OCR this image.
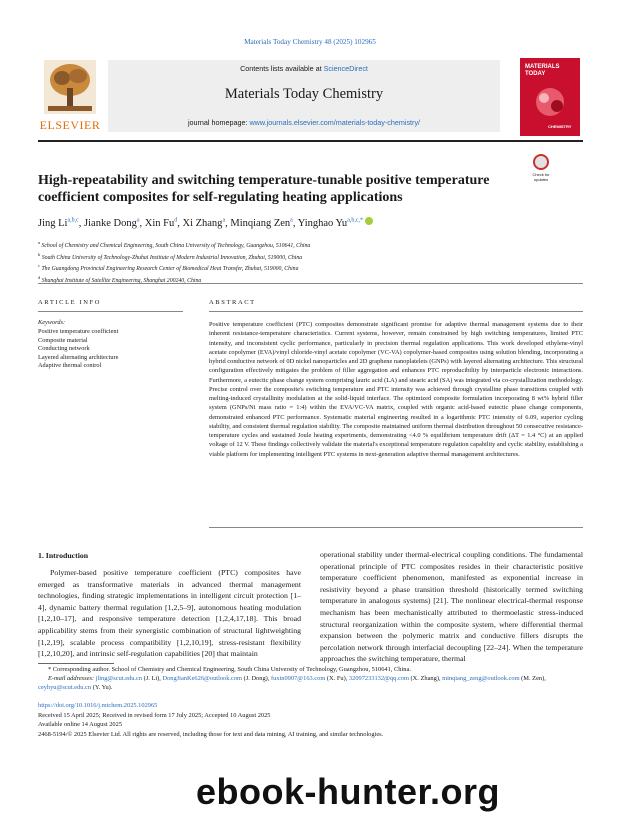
Materials Today Chemistry 48 (2025) 102965
ELSEVIER
Contents lists available at ScienceDirect
Materials Today Chemistry
journal homepage: www.journals.elsevier.com/materials-today-chemistry/
MATERIALS TODAY
CHEMISTRY
High-repeatability and switching temperature-tunable positive temperature coefficient composites for self-regulating heating applications
Check for updates
Jing Li$^{a,b,c}$, Jianke Dong$^a$, Xin Fu$^d$, Xi Zhang$^a$, Minqiang Zen$^a$, Yinghao $Yu^{a,b,c,*}$
$^a$ School of Chemistry and Chemical Engineering, South China University of Technology, Guangzhou, 510641, China
$^b$ South China University of Technology-Zhuhai Institute of Modern Industrial Innovation, Zhuhai, 519000, China
$^c$ The Guangdong Provincial Engineering Research Center of Biomedical Heat Transfer, Zhuhai, 519000, China
$^d$ Shanghai Institute of Satellite Engineering, Shanghai 200240, China
ARTICLE INFO
Keywords:
Positive temperature coefficient
Composite material
Conducting network
Layered alternating architecture
Adaptive thermal control
ABSTRACT
Positive temperature coefficient (PTC) composites demonstrate significant promise for adaptive thermal management systems due to their inherent resistance-temperature characteristics. Current systems, however, remain constrained by high switching temperatures, limited PTC intensity, and inconsistent cyclic performance, particularly in precision thermal regulation applications. This work developed ethylene-vinyl acetate copolymer (EVA)/vinyl chloride-vinyl acetate copolymer (VC-VA) copolymer-based composites using solution blending, incorporating a hybrid conductive network of 0D nickel nanoparticles and 2D graphene nanoplatelets (GNPs) with layered alternating architecture. This structural configuration effectively mitigates the problem of filler aggregation and enhances PTC reproducibility by interparticle electronic interactions. Furthermore, a eutectic phase change system comprising lauric acid (LA) and stearic acid (SA) was integrated via co-crystallization methodology. Precise control over the composite's switching temperature and PTC intensity was achieved through crystalline phase transitions coupled with melting-induced crystallinity modulation at the solid-liquid interface. The optimized composite formulation incorporating 8 wt% hybrid filler system (GNPs/Ni mass ratio = 1:4) within the EVA/VC-VA matrix, coupled with organic acid-based eutectic phase change components, demonstrated enhanced PTC performance. Systematic material engineering resulted in a logarithmic PTC intensity of 6.09, superior cycling stability, and consistent thermal regulation stability. The composite maintained uniform thermal distribution throughout 50 consecutive resistance-temperature cycles and sustained Joule heating experiments, demonstrating <4.0 % equilibrium temperature drift (ΔT = 1.4 °C) at an applied voltage of 12 V. These findings collectively validate the material's exceptional temperature regulation capability and cyclic stability, establishing a viable platform for implementing intelligent PTC systems in next-generation adaptive thermal management architectures.
1. Introduction
Polymer-based positive temperature coefficient (PTC) composites have emerged as transformative materials in advanced thermal management technologies, finding strategic implementations in intelligent circuit protection [1–4], dynamic battery thermal regulation [1,2,5–9], autonomous heating modulation [1,2,10–17], and responsive temperature detection [1,2,4,17,18]. This broad applicability stems from their synergistic combination of structural lightweighting [1,2,19], scalable process compatibility [1,2,10,19], stress-resistant flexibility [1,2,10,20], and intrinsic self-regulation capabilities [20] that maintain
operational stability under thermal-electrical coupling conditions. The fundamental operational principle of PTC composites resides in their characteristic positive temperature coefficient phenomenon, manifested as exponential increase in resistivity beyond a phase transition threshold (historically termed switching temperature in analogous systems) [21]. The nonlinear electrical-thermal response mechanism has been mechanistically attributed to thermoelastic stress-induced structural reorganization within the composite system, where differential thermal expansion between the polymeric matrix and conductive fillers disrupts the percolation network through interfacial decoupling [22–24]. When the temperature approaches the switching temperature, thermal
* Corresponding author. School of Chemistry and Chemical Engineering, South China University of Technology, Guangzhou, 510641, China.
E-mail addresses: jling@scut.edu.cn (J. Li), DongJianKe626@outlook.com (J. Dong), fuxin0907@163.com (X. Fu), 32097233132@qq.com (X. Zhang), minqiang_zeng@outlook.com (M. Zen), ceyhyu@scut.edu.cn (Y. Yu).
https://doi.org/10.1016/j.mtchem.2025.102965
Received 15 April 2025; Received in revised form 17 July 2025; Accepted 10 August 2025
Available online 14 August 2025
2468-5194/© 2025 Elsevier Ltd. All rights are reserved, including those for text and data mining, AI training, and similar technologies.
ebook-hunter.org
